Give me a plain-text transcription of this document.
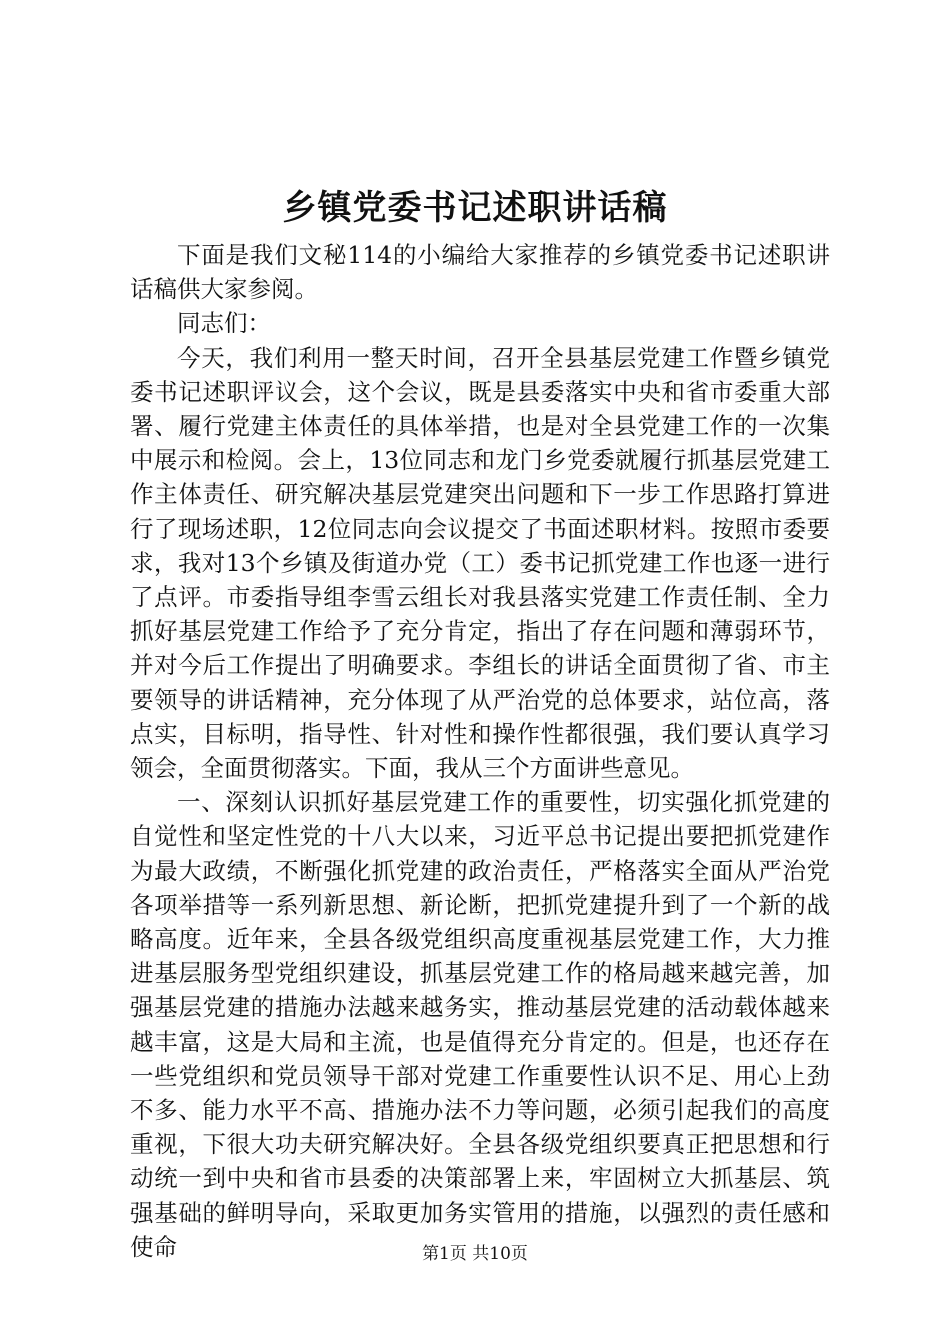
乡镇党委书记述职讲话稿

下面是我们文秘114的小编给大家推荐的乡镇党委书记述职讲话稿供大家参阅。

同志们：

今天，我们利用一整天时间，召开全县基层党建工作暨乡镇党委书记述职评议会，这个会议，既是县委落实中央和省市委重大部署、履行党建主体责任的具体举措，也是对全县党建工作的一次集中展示和检阅。会上，13位同志和龙门乡党委就履行抓基层党建工作主体责任、研究解决基层党建突出问题和下一步工作思路打算进行了现场述职，12位同志向会议提交了书面述职材料。按照市委要求，我对13个乡镇及街道办党（工）委书记抓党建工作也逐一进行了点评。市委指导组李雪云组长对我县落实党建工作责任制、全力抓好基层党建工作给予了充分肯定，指出了存在问题和薄弱环节，并对今后工作提出了明确要求。李组长的讲话全面贯彻了省、市主要领导的讲话精神，充分体现了从严治党的总体要求，站位高，落点实，目标明，指导性、针对性和操作性都很强，我们要认真学习领会，全面贯彻落实。下面，我从三个方面讲些意见。

一、深刻认识抓好基层党建工作的重要性，切实强化抓党建的自觉性和坚定性党的十八大以来，习近平总书记提出要把抓党建作为最大政绩，不断强化抓党建的政治责任，严格落实全面从严治党各项举措等一系列新思想、新论断，把抓党建提升到了一个新的战略高度。近年来，全县各级党组织高度重视基层党建工作，大力推进基层服务型党组织建设，抓基层党建工作的格局越来越完善，加强基层党建的措施办法越来越务实，推动基层党建的活动载体越来越丰富，这是大局和主流，也是值得充分肯定的。但是，也还存在一些党组织和党员领导干部对党建工作重要性认识不足、用心上劲不多、能力水平不高、措施办法不力等问题，必须引起我们的高度重视，下很大功夫研究解决好。全县各级党组织要真正把思想和行动统一到中央和省市县委的决策部署上来，牢固树立大抓基层、筑强基础的鲜明导向，采取更加务实管用的措施，以强烈的责任感和使命	第1页 共10页
